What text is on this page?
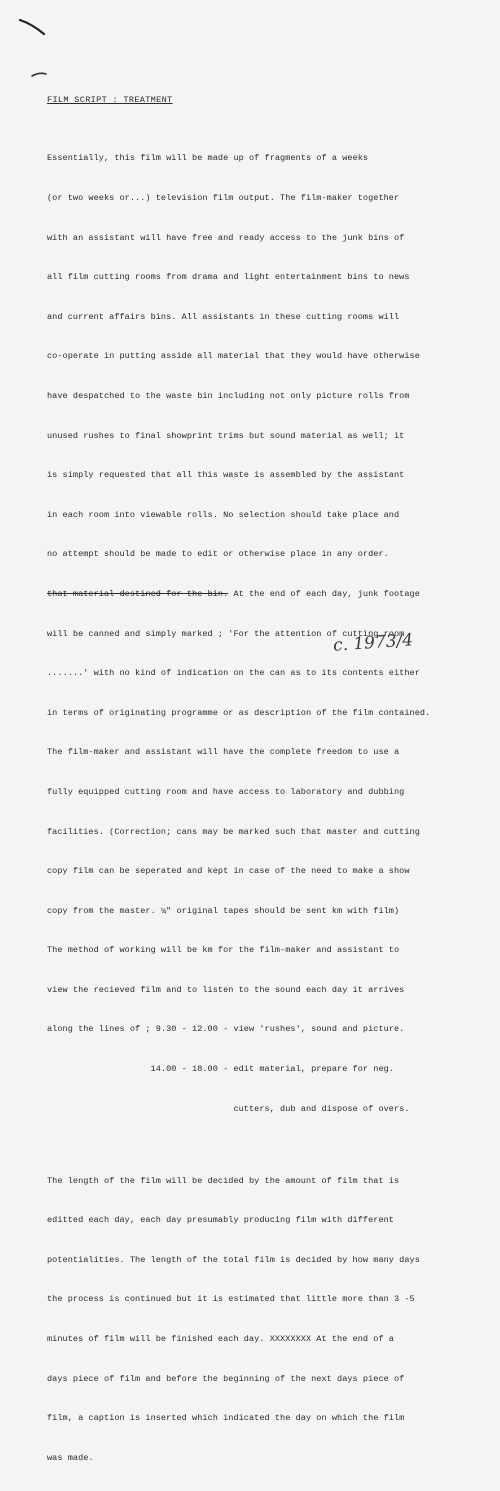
FILM SCRIPT : TREATMENT

Essentially, this film will be made up of fragments of a weeks

(or two weeks or...) television film output. The film-maker together

with an assistant will have free and ready access to the junk bins of

all film cutting rooms from drama and light entertainment bins to news

and current affairs bins. All assistants in these cutting rooms will

co-operate in putting asside all material that they would have otherwise

have despatched to the waste bin including not only picture rolls from

unused rushes to final showprint trims but sound material as well; it

is simply requested that all this waste is assembled by the assistant

in each room into viewable rolls. No selection should take place and

no attempt should be made to edit or otherwise place in any order.

that material destined for the bin. At the end of each day, junk footage

will be canned and simply marked ; 'For the attention of cutting room

.......' with no kind of indication on the can as to its contents either

in terms of originating programme or as description of the film contained.

The film-maker and assistant will have the complete freedom to use a

fully equipped cutting room and have access to laboratory and dubbing

facilities. (Correction; cans may be marked such that master and cutting

copy film can be seperated and kept in case of the need to make a show

copy from the master. ¼" original tapes should be sent km with film)

The method of working will be km for the film-maker and assistant to

view the recieved film and to listen to the sound each day it arrives

along the lines of ; 9.30 - 12.00 - view 'rushes', sound and picture.

14.00 - 18.00 - edit material, prepare for neg.

cutters, dub and dispose of overs.

The length of the film will be decided by the amount of film that is

editted each day, each day presumably producing film with different

potentialities. The length of the total film is decided by how many days

the process is continued but it is estimated that little more than 3 -5

minutes of film will be finished each day. XXXXXXXX At the end of a

days piece of film and before the beginning of the next days piece of

film, a caption is inserted which indicated the day on which the film

was made.

c. 1973/4
